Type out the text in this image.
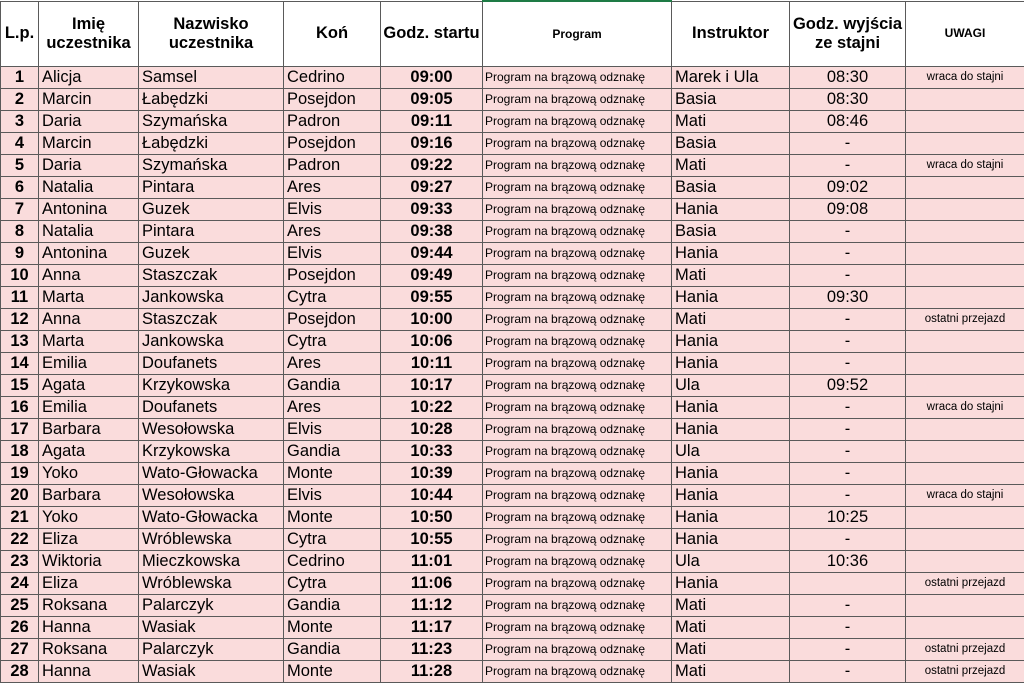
L.p.	Imię uczestnika	Nazwisko uczestnika	Koń	Godz. startu	Program	Instruktor	Godz. wyjścia ze stajni	UWAGI
1	Alicja	Samsel	Cedrino	09:00	Program na brązową odznakę	Marek i Ula	08:30	wraca do stajni
2	Marcin	Łabędzki	Posejdon	09:05	Program na brązową odznakę	Basia	08:30	
3	Daria	Szymańska	Padron	09:11	Program na brązową odznakę	Mati	08:46	
4	Marcin	Łabędzki	Posejdon	09:16	Program na brązową odznakę	Basia	-	
5	Daria	Szymańska	Padron	09:22	Program na brązową odznakę	Mati	-	wraca do stajni
6	Natalia	Pintara	Ares	09:27	Program na brązową odznakę	Basia	09:02	
7	Antonina	Guzek	Elvis	09:33	Program na brązową odznakę	Hania	09:08	
8	Natalia	Pintara	Ares	09:38	Program na brązową odznakę	Basia	-	
9	Antonina	Guzek	Elvis	09:44	Program na brązową odznakę	Hania	-	
10	Anna	Staszczak	Posejdon	09:49	Program na brązową odznakę	Mati	-	
11	Marta	Jankowska	Cytra	09:55	Program na brązową odznakę	Hania	09:30	
12	Anna	Staszczak	Posejdon	10:00	Program na brązową odznakę	Mati	-	ostatni przejazd
13	Marta	Jankowska	Cytra	10:06	Program na brązową odznakę	Hania	-	
14	Emilia	Doufanets	Ares	10:11	Program na brązową odznakę	Hania	-	
15	Agata	Krzykowska	Gandia	10:17	Program na brązową odznakę	Ula	09:52	
16	Emilia	Doufanets	Ares	10:22	Program na brązową odznakę	Hania	-	wraca do stajni
17	Barbara	Wesołowska	Elvis	10:28	Program na brązową odznakę	Hania	-	
18	Agata	Krzykowska	Gandia	10:33	Program na brązową odznakę	Ula	-	
19	Yoko	Wato-Głowacka	Monte	10:39	Program na brązową odznakę	Hania	-	
20	Barbara	Wesołowska	Elvis	10:44	Program na brązową odznakę	Hania	-	wraca do stajni
21	Yoko	Wato-Głowacka	Monte	10:50	Program na brązową odznakę	Hania	10:25	
22	Eliza	Wróblewska	Cytra	10:55	Program na brązową odznakę	Hania	-	
23	Wiktoria	Mieczkowska	Cedrino	11:01	Program na brązową odznakę	Ula	10:36	
24	Eliza	Wróblewska	Cytra	11:06	Program na brązową odznakę	Hania		ostatni przejazd
25	Roksana	Palarczyk	Gandia	11:12	Program na brązową odznakę	Mati	-	
26	Hanna	Wasiak	Monte	11:17	Program na brązową odznakę	Mati	-	
27	Roksana	Palarczyk	Gandia	11:23	Program na brązową odznakę	Mati	-	ostatni przejazd
28	Hanna	Wasiak	Monte	11:28	Program na brązową odznakę	Mati	-	ostatni przejazd
